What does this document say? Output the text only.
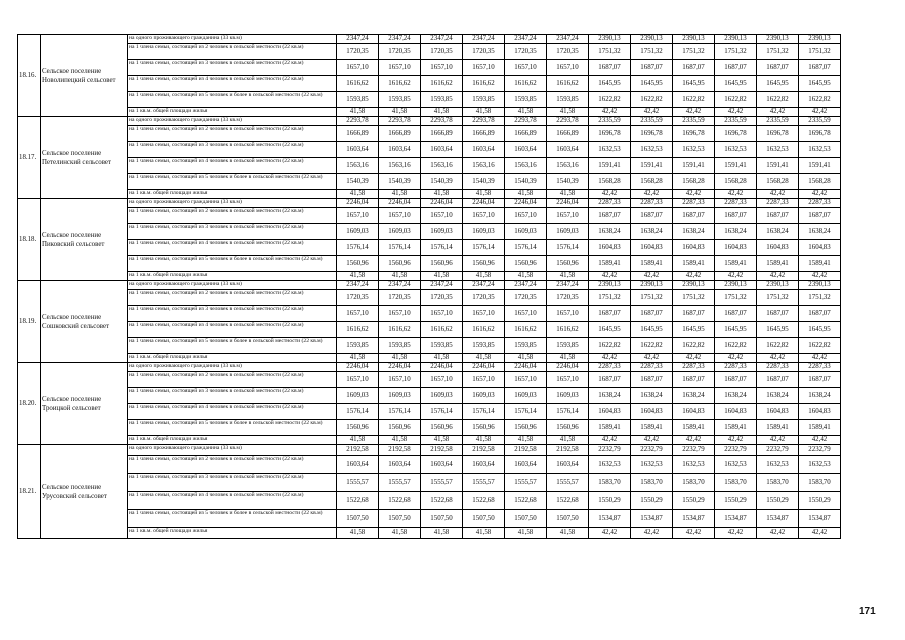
18.16.	Сельское поселение Новолипецкий сельсовет	на одного проживающего гражданина (33 кв.м)	2347,24	2347,24	2347,24	2347,24	2347,24	2347,24	2390,13	2390,13	2390,13	2390,13	2390,13	2390,13
		на 1 члена семьи, состоящей из 2 человек в сельской местности (22 кв.м)	1720,35	1720,35	1720,35	1720,35	1720,35	1720,35	1751,32	1751,32	1751,32	1751,32	1751,32	1751,32
		на 1 члена семьи, состоящей из 3 человек в сельской местности (22 кв.м)	1657,10	1657,10	1657,10	1657,10	1657,10	1657,10	1687,07	1687,07	1687,07	1687,07	1687,07	1687,07
		на 1 члена семьи, состоящей из 4 человек в сельской местности (22 кв.м)	1616,62	1616,62	1616,62	1616,62	1616,62	1616,62	1645,95	1645,95	1645,95	1645,95	1645,95	1645,95
		на 1 члена семьи, состоящей из 5 человек и более в сельской местности (22 кв.м)	1593,85	1593,85	1593,85	1593,85	1593,85	1593,85	1622,82	1622,82	1622,82	1622,82	1622,82	1622,82
		на 1 кв.м. общей площади жилья	41,58	41,58	41,58	41,58	41,58	41,58	42,42	42,42	42,42	42,42	42,42	42,42
18.17.	Сельское поселение Петелинский сельсовет	на одного проживающего гражданина (33 кв.м)	2293,78	2293,78	2293,78	2293,78	2293,78	2293,78	2335,59	2335,59	2335,59	2335,59	2335,59	2335,59
		на 1 члена семьи, состоящей из 2 человек в сельской местности (22 кв.м)	1666,89	1666,89	1666,89	1666,89	1666,89	1666,89	1696,78	1696,78	1696,78	1696,78	1696,78	1696,78
		на 1 члена семьи, состоящей из 3 человек в сельской местности (22 кв.м)	1603,64	1603,64	1603,64	1603,64	1603,64	1603,64	1632,53	1632,53	1632,53	1632,53	1632,53	1632,53
		на 1 члена семьи, состоящей из 4 человек в сельской местности (22 кв.м)	1563,16	1563,16	1563,16	1563,16	1563,16	1563,16	1591,41	1591,41	1591,41	1591,41	1591,41	1591,41
		на 1 члена семьи, состоящей из 5 человек и более в сельской местности (22 кв.м)	1540,39	1540,39	1540,39	1540,39	1540,39	1540,39	1568,28	1568,28	1568,28	1568,28	1568,28	1568,28
		на 1 кв.м. общей площади жилья	41,58	41,58	41,58	41,58	41,58	41,58	42,42	42,42	42,42	42,42	42,42	42,42
18.18.	Сельское поселение Пиковский сельсовет	на одного проживающего гражданина (33 кв.м)	2246,04	2246,04	2246,04	2246,04	2246,04	2246,04	2287,33	2287,33	2287,33	2287,33	2287,33	2287,33
		на 1 члена семьи, состоящей из 2 человек в сельской местности (22 кв.м)	1657,10	1657,10	1657,10	1657,10	1657,10	1657,10	1687,07	1687,07	1687,07	1687,07	1687,07	1687,07
		на 1 члена семьи, состоящей из 3 человек в сельской местности (22 кв.м)	1609,03	1609,03	1609,03	1609,03	1609,03	1609,03	1638,24	1638,24	1638,24	1638,24	1638,24	1638,24
		на 1 члена семьи, состоящей из 4 человек в сельской местности (22 кв.м)	1576,14	1576,14	1576,14	1576,14	1576,14	1576,14	1604,83	1604,83	1604,83	1604,83	1604,83	1604,83
		на 1 члена семьи, состоящей из 5 человек и более в сельской местности (22 кв.м)	1560,96	1560,96	1560,96	1560,96	1560,96	1560,96	1589,41	1589,41	1589,41	1589,41	1589,41	1589,41
		на 1 кв.м. общей площади жилья	41,58	41,58	41,58	41,58	41,58	41,58	42,42	42,42	42,42	42,42	42,42	42,42
18.19.	Сельское поселение Сошковский сельсовет	на одного проживающего гражданина (33 кв.м)	2347,24	2347,24	2347,24	2347,24	2347,24	2347,24	2390,13	2390,13	2390,13	2390,13	2390,13	2390,13
		на 1 члена семьи, состоящей из 2 человек в сельской местности (22 кв.м)	1720,35	1720,35	1720,35	1720,35	1720,35	1720,35	1751,32	1751,32	1751,32	1751,32	1751,32	1751,32
		на 1 члена семьи, состоящей из 3 человек в сельской местности (22 кв.м)	1657,10	1657,10	1657,10	1657,10	1657,10	1657,10	1687,07	1687,07	1687,07	1687,07	1687,07	1687,07
		на 1 члена семьи, состоящей из 4 человек в сельской местности (22 кв.м)	1616,62	1616,62	1616,62	1616,62	1616,62	1616,62	1645,95	1645,95	1645,95	1645,95	1645,95	1645,95
		на 1 члена семьи, состоящей из 5 человек и более в сельской местности (22 кв.м)	1593,85	1593,85	1593,85	1593,85	1593,85	1593,85	1622,82	1622,82	1622,82	1622,82	1622,82	1622,82
		на 1 кв.м. общей площади жилья	41,58	41,58	41,58	41,58	41,58	41,58	42,42	42,42	42,42	42,42	42,42	42,42
18.20.	Сельское поселение Троицкой сельсовет	на одного проживающего гражданина (33 кв.м)	2246,04	2246,04	2246,04	2246,04	2246,04	2246,04	2287,33	2287,33	2287,33	2287,33	2287,33	2287,33
		на 1 члена семьи, состоящей из 2 человек в сельской местности (22 кв.м)	1657,10	1657,10	1657,10	1657,10	1657,10	1657,10	1687,07	1687,07	1687,07	1687,07	1687,07	1687,07
		на 1 члена семьи, состоящей из 3 человек в сельской местности (22 кв.м)	1609,03	1609,03	1609,03	1609,03	1609,03	1609,03	1638,24	1638,24	1638,24	1638,24	1638,24	1638,24
		на 1 члена семьи, состоящей из 4 человек в сельской местности (22 кв.м)	1576,14	1576,14	1576,14	1576,14	1576,14	1576,14	1604,83	1604,83	1604,83	1604,83	1604,83	1604,83
		на 1 члена семьи, состоящей из 5 человек и более в сельской местности (22 кв.м)	1560,96	1560,96	1560,96	1560,96	1560,96	1560,96	1589,41	1589,41	1589,41	1589,41	1589,41	1589,41
		на 1 кв.м. общей площади жилья	41,58	41,58	41,58	41,58	41,58	41,58	42,42	42,42	42,42	42,42	42,42	42,42
18.21.	Сельское поселение Урусовский сельсовет	на одного проживающего гражданина (33 кв.м)	2192,58	2192,58	2192,58	2192,58	2192,58	2192,58	2232,79	2232,79	2232,79	2232,79	2232,79	2232,79
		на 1 члена семьи, состоящей из 2 человек в сельской местности (22 кв.м)	1603,64	1603,64	1603,64	1603,64	1603,64	1603,64	1632,53	1632,53	1632,53	1632,53	1632,53	1632,53
		на 1 члена семьи, состоящей из 3 человек в сельской местности (22 кв.м)	1555,57	1555,57	1555,57	1555,57	1555,57	1555,57	1583,70	1583,70	1583,70	1583,70	1583,70	1583,70
		на 1 члена семьи, состоящей из 4 человек в сельской местности (22 кв.м)	1522,68	1522,68	1522,68	1522,68	1522,68	1522,68	1550,29	1550,29	1550,29	1550,29	1550,29	1550,29
		на 1 члена семьи, состоящей из 5 человек и более в сельской местности (22 кв.м)	1507,50	1507,50	1507,50	1507,50	1507,50	1507,50	1534,87	1534,87	1534,87	1534,87	1534,87	1534,87
		на 1 кв.м. общей площади жилья	41,58	41,58	41,58	41,58	41,58	41,58	42,42	42,42	42,42	42,42	42,42	42,42
171
